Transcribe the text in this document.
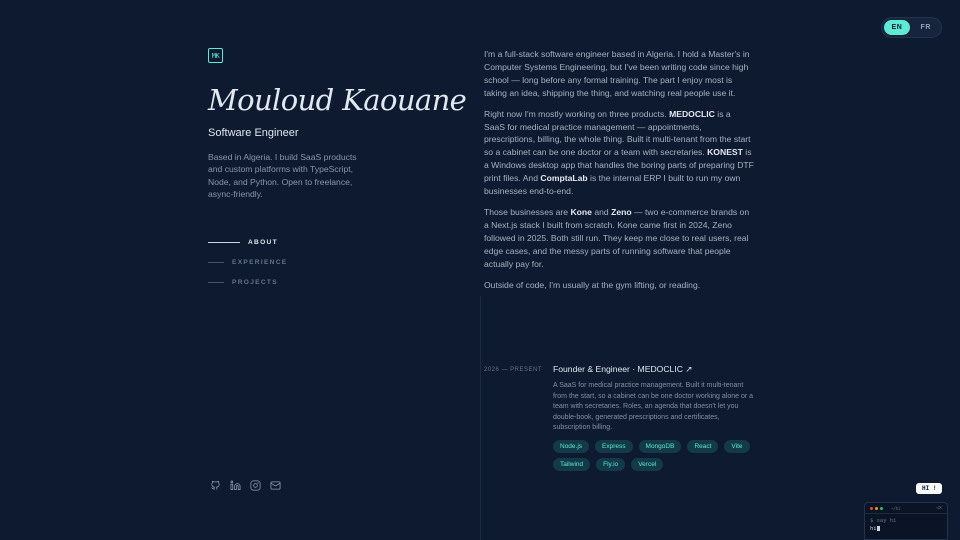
EN	FR
MK
Mouloud Kaouane
Software Engineer
Based in Algeria. I build SaaS products and custom platforms with TypeScript, Node, and Python. Open to freelance, async-friendly.
ABOUT
EXPERIENCE
PROJECTS

I'm a full-stack software engineer based in Algeria. I hold a Master's in Computer Systems Engineering, but I've been writing code since high school — long before any formal training. The part I enjoy most is taking an idea, shipping the thing, and watching real people use it.

Right now I'm mostly working on three products. MEDOCLIC is a SaaS for medical practice management — appointments, prescriptions, billing, the whole thing. Built it multi-tenant from the start so a cabinet can be one doctor or a team with secretaries. KONEST is a Windows desktop app that handles the boring parts of preparing DTF print files. And ComptaLab is the internal ERP I built to run my own businesses end-to-end.

Those businesses are Kone and Zeno — two e-commerce brands on a Next.js stack I built from scratch. Kone came first in 2024, Zeno followed in 2025. Both still run. They keep me close to real users, real edge cases, and the messy parts of running software that people actually pay for.

Outside of code, I'm usually at the gym lifting, or reading.

2026 — PRESENT	Founder & Engineer · MEDOCLIC ↗
A SaaS for medical practice management. Built it multi-tenant from the start, so a cabinet can be one doctor working alone or a team with secretaries. Roles, an agenda that doesn't let you double-book, generated prescriptions and certificates, subscription billing.
Node.js	Express	MongoDB	React	Vite
Tailwind	Fly.io	Vercel
HI !
~/hi	◁x
$ say hi
hi
